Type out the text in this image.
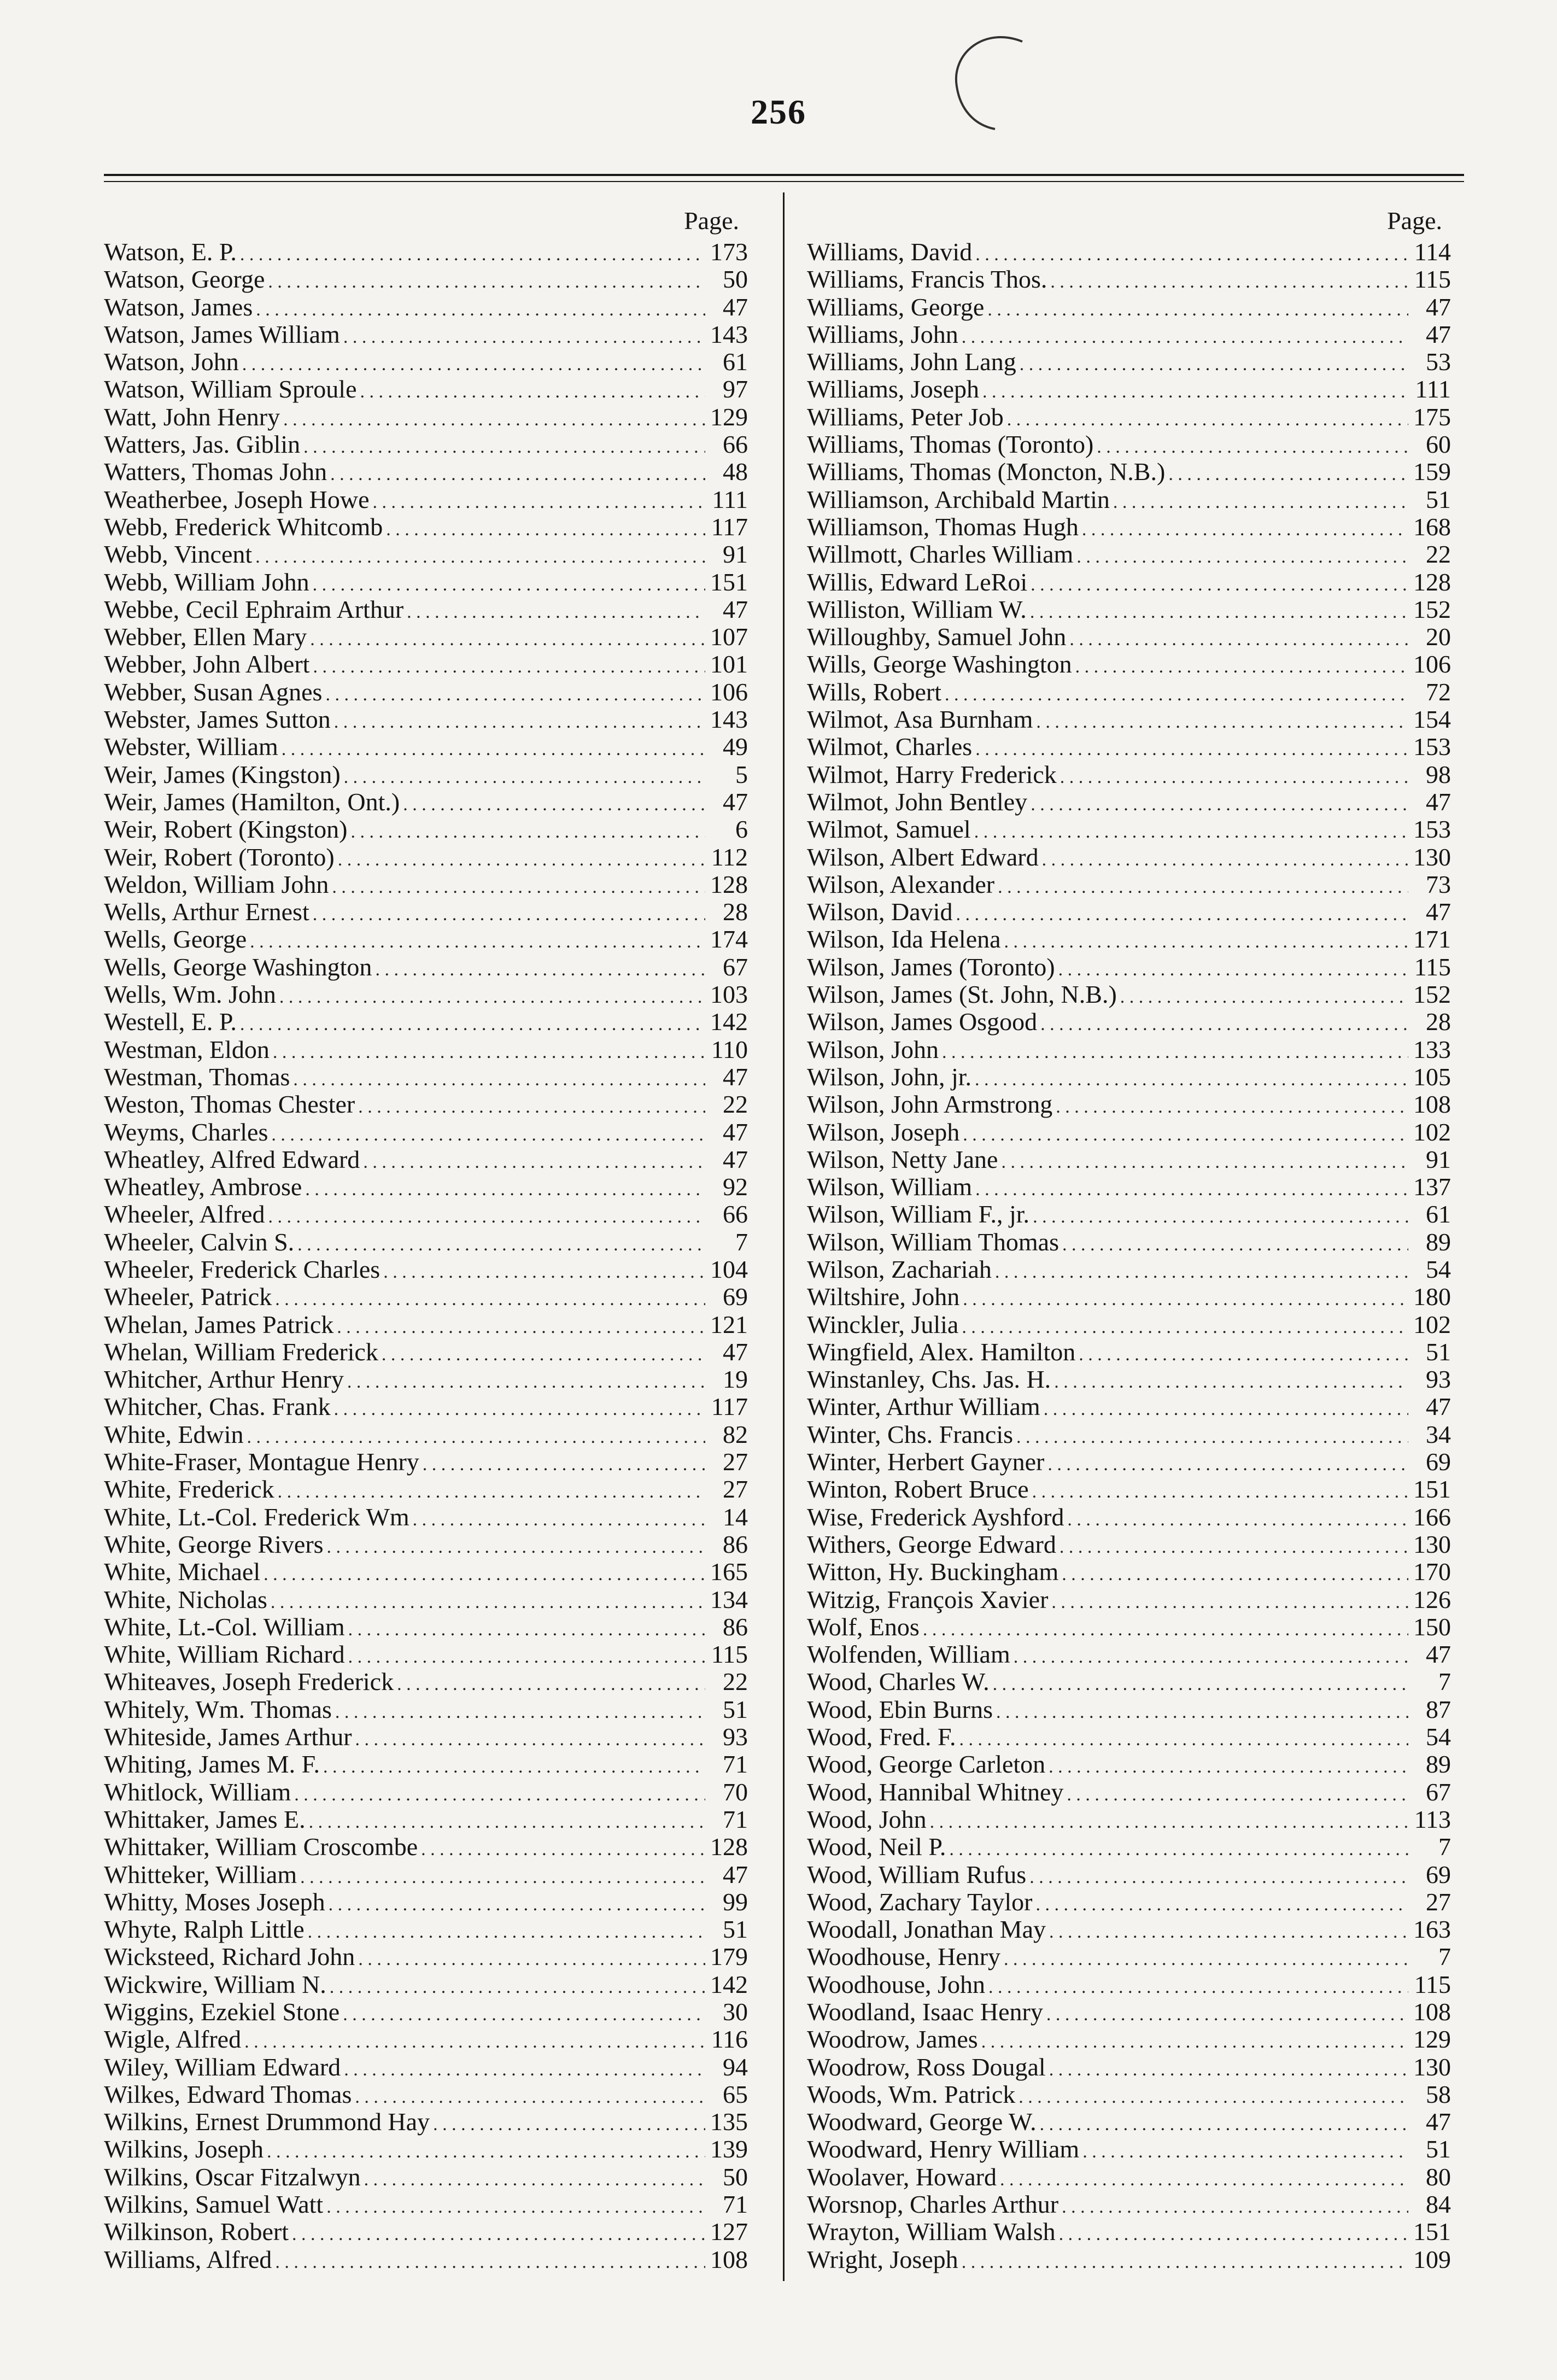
256
Page.
Watson, E. P. . . .	173
Watson, George . . .	50
Watson, James . . .	47
Watson, James William . . .	143
Watson, John . . .	61
Watson, William Sproule . . .	97
Watt, John Henry . . .	129
Watters, Jas. Giblin . . .	66
Watters, Thomas John . . .	48
Weatherbee, Joseph Howe . . .	111
Webb, Frederick Whitcomb . . .	117
Webb, Vincent . . .	91
Webb, William John . . .	151
Webbe, Cecil Ephraim Arthur . . .	47
Webber, Ellen Mary . . .	107
Webber, John Albert . . .	101
Webber, Susan Agnes . . .	106
Webster, James Sutton . . .	143
Webster, William . . .	49
Weir, James (Kingston) . . .	5
Weir, James (Hamilton, Ont.) . . .	47
Weir, Robert (Kingston) . . .	6
Weir, Robert (Toronto) . . .	112
Weldon, William John . . .	128
Wells, Arthur Ernest . . .	28
Wells, George . . .	174
Wells, George Washington . . .	67
Wells, Wm. John . . .	103
Westell, E. P. . . .	142
Westman, Eldon . . .	110
Westman, Thomas . . .	47
Weston, Thomas Chester . . .	22
Weyms, Charles . . .	47
Wheatley, Alfred Edward . . .	47
Wheatley, Ambrose . . .	92
Wheeler, Alfred . . .	66
Wheeler, Calvin S. . . .	7
Wheeler, Frederick Charles . . .	104
Wheeler, Patrick . . .	69
Whelan, James Patrick . . .	121
Whelan, William Frederick . . .	47
Whitcher, Arthur Henry . . .	19
Whitcher, Chas. Frank . . .	117
White, Edwin . . .	82
White-Fraser, Montague Henry . . .	27
White, Frederick . . .	27
White, Lt.-Col. Frederick Wm . . .	14
White, George Rivers . . .	86
White, Michael . . .	165
White, Nicholas . . .	134
White, Lt.-Col. William . . .	86
White, William Richard . . .	115
Whiteaves, Joseph Frederick . . .	22
Whitely, Wm. Thomas . . .	51
Whiteside, James Arthur . . .	93
Whiting, James M. F. . . .	71
Whitlock, William . . .	70
Whittaker, James E. . . .	71
Whittaker, William Croscombe . . .	128
Whitteker, William . . .	47
Whitty, Moses Joseph . . .	99
Whyte, Ralph Little . . .	51
Wicksteed, Richard John . . .	179
Wickwire, William N. . . .	142
Wiggins, Ezekiel Stone . . .	30
Wigle, Alfred . . .	116
Wiley, William Edward . . .	94
Wilkes, Edward Thomas . . .	65
Wilkins, Ernest Drummond Hay . . .	135
Wilkins, Joseph . . .	139
Wilkins, Oscar Fitzalwyn . . .	50
Wilkins, Samuel Watt . . .	71
Wilkinson, Robert . . .	127
Williams, Alfred . . .	108
Page.
Williams, David . . .	114
Williams, Francis Thos. . . .	115
Williams, George . . .	47
Williams, John . . .	47
Williams, John Lang . . .	53
Williams, Joseph . . .	111
Williams, Peter Job . . .	175
Williams, Thomas (Toronto) . . .	60
Williams, Thomas (Moncton, N.B.) . . .	159
Williamson, Archibald Martin . . .	51
Williamson, Thomas Hugh . . .	168
Willmott, Charles William . . .	22
Willis, Edward LeRoi . . .	128
Williston, William W. . . .	152
Willoughby, Samuel John . . .	20
Wills, George Washington . . .	106
Wills, Robert . . .	72
Wilmot, Asa Burnham . . .	154
Wilmot, Charles . . .	153
Wilmot, Harry Frederick . . .	98
Wilmot, John Bentley . . .	47
Wilmot, Samuel . . .	153
Wilson, Albert Edward . . .	130
Wilson, Alexander . . .	73
Wilson, David . . .	47
Wilson, Ida Helena . . .	171
Wilson, James (Toronto) . . .	115
Wilson, James (St. John, N.B.) . . .	152
Wilson, James Osgood . . .	28
Wilson, John . . .	133
Wilson, John, jr. . . .	105
Wilson, John Armstrong . . .	108
Wilson, Joseph . . .	102
Wilson, Netty Jane . . .	91
Wilson, William . . .	137
Wilson, William F., jr. . . .	61
Wilson, William Thomas . . .	89
Wilson, Zachariah . . .	54
Wiltshire, John . . .	180
Winckler, Julia . . .	102
Wingfield, Alex. Hamilton . . .	51
Winstanley, Chs. Jas. H. . . .	93
Winter, Arthur William . . .	47
Winter, Chs. Francis . . .	34
Winter, Herbert Gayner . . .	69
Winton, Robert Bruce . . .	151
Wise, Frederick Ayshford . . .	166
Withers, George Edward . . .	130
Witton, Hy. Buckingham . . .	170
Witzig, François Xavier . . .	126
Wolf, Enos . . .	150
Wolfenden, William . . .	47
Wood, Charles W. . . .	7
Wood, Ebin Burns . . .	87
Wood, Fred. F. . . .	54
Wood, George Carleton . . .	89
Wood, Hannibal Whitney . . .	67
Wood, John . . .	113
Wood, Neil P. . . .	7
Wood, William Rufus . . .	69
Wood, Zachary Taylor . . .	27
Woodall, Jonathan May . . .	163
Woodhouse, Henry . . .	7
Woodhouse, John . . .	115
Woodland, Isaac Henry . . .	108
Woodrow, James . . .	129
Woodrow, Ross Dougal . . .	130
Woods, Wm. Patrick . . .	58
Woodward, George W. . . .	47
Woodward, Henry William . . .	51
Woolaver, Howard . . .	80
Worsnop, Charles Arthur . . .	84
Wrayton, William Walsh . . .	151
Wright, Joseph . . .	109
